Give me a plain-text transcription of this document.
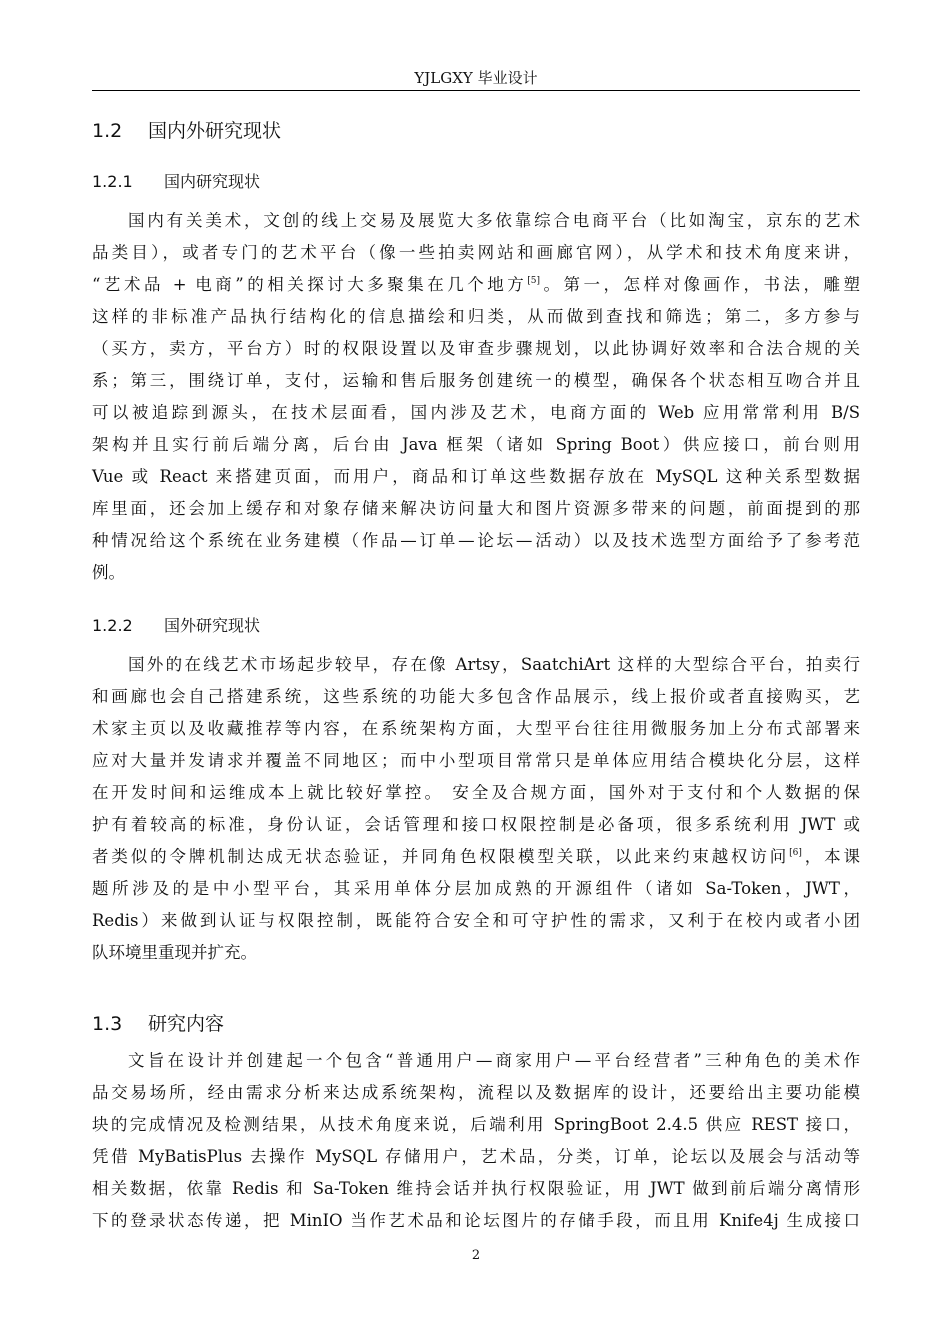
YJLGXY 毕业设计
1.2 国内外研究现状
1.2.1 国内研究现状
国内有关美术，文创的线上交易及展览大多依靠综合电商平台（比如淘宝，京东的艺术
品类目），或者专门的艺术平台（像一些拍卖网站和画廊官网），从学术和技术角度来讲，
“艺术品 + 电商”的相关探讨大多聚集在几个地方[5]。第一，怎样对像画作，书法，雕塑
这样的非标准产品执行结构化的信息描绘和归类，从而做到查找和筛选；第二，多方参与
（买方，卖方，平台方）时的权限设置以及审查步骤规划，以此协调好效率和合法合规的关
系；第三，围绕订单，支付，运输和售后服务创建统一的模型，确保各个状态相互吻合并且
可以被追踪到源头，在技术层面看，国内涉及艺术，电商方面的 Web 应用常常利用 B/S
架构并且实行前后端分离，后台由 Java 框架（诸如 Spring Boot）供应接口，前台则用
Vue 或 React 来搭建页面，而用户，商品和订单这些数据存放在 MySQL 这种关系型数据
库里面，还会加上缓存和对象存储来解决访问量大和图片资源多带来的问题，前面提到的那
种情况给这个系统在业务建模（作品—订单—论坛—活动）以及技术选型方面给予了参考范
例。
1.2.2 国外研究现状
国外的在线艺术市场起步较早，存在像 Artsy，SaatchiArt 这样的大型综合平台，拍卖行
和画廊也会自己搭建系统，这些系统的功能大多包含作品展示，线上报价或者直接购买，艺
术家主页以及收藏推荐等内容，在系统架构方面，大型平台往往用微服务加上分布式部署来
应对大量并发请求并覆盖不同地区；而中小型项目常常只是单体应用结合模块化分层，这样
在开发时间和运维成本上就比较好掌控。 安全及合规方面，国外对于支付和个人数据的保
护有着较高的标准，身份认证，会话管理和接口权限控制是必备项，很多系统利用 JWT 或
者类似的令牌机制达成无状态验证，并同角色权限模型关联，以此来约束越权访问[6]，本课
题所涉及的是中小型平台，其采用单体分层加成熟的开源组件（诸如 Sa-Token，JWT，
Redis）来做到认证与权限控制，既能符合安全和可守护性的需求，又利于在校内或者小团
队环境里重现并扩充。
1.3 研究内容
文旨在设计并创建起一个包含“普通用户—商家用户—平台经营者”三种角色的美术作
品交易场所，经由需求分析来达成系统架构，流程以及数据库的设计，还要给出主要功能模
块的完成情况及检测结果，从技术角度来说，后端利用 SpringBoot 2.4.5 供应 REST 接口，
凭借 MyBatisPlus 去操作 MySQL 存储用户，艺术品，分类，订单，论坛以及展会与活动等
相关数据，依靠 Redis 和 Sa-Token 维持会话并执行权限验证，用 JWT 做到前后端分离情形
下的登录状态传递，把 MinIO 当作艺术品和论坛图片的存储手段，而且用 Knife4j 生成接口
2
